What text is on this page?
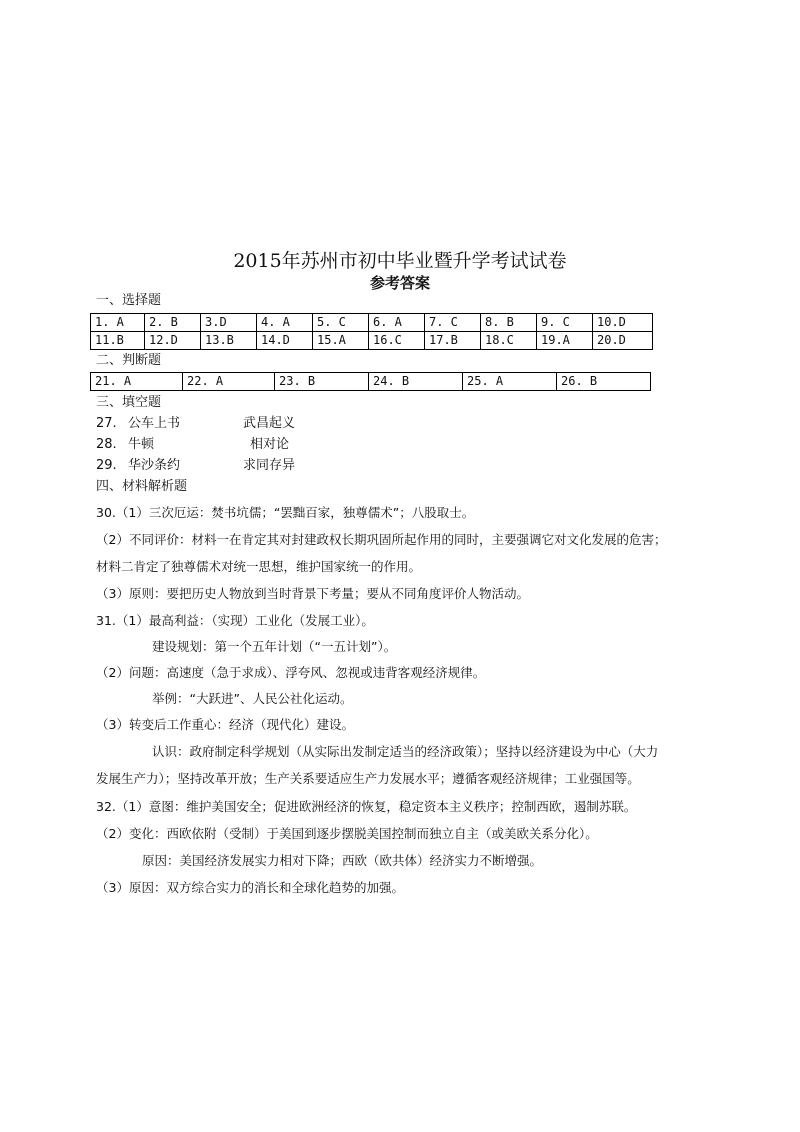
2015年苏州市初中毕业暨升学考试试卷
参考答案
一、选择题
1. A	2. B	3.D	4. A	5. C	6. A	7. C	8. B	9. C	10.D
11.B	12.D	13.B	14.D	15.A	16.C	17.B	18.C	19.A	20.D
二、判断题
21. A	22. A	23. B	24. B	25. A	26. B
三、填空题
27. 公车上书	武昌起义
28. 牛顿	相对论
29. 华沙条约	求同存异
四、材料解析题
30.（1）三次厄运：焚书坑儒；“罢黜百家，独尊儒术”；八股取士。
（2）不同评价：材料一在肯定其对封建政权长期巩固所起作用的同时，主要强调它对文化发展的危害；
材料二肯定了独尊儒术对统一思想，维护国家统一的作用。
（3）原则：要把历史人物放到当时背景下考量；要从不同角度评价人物活动。
31.（1）最高利益：（实现）工业化（发展工业）。
建设规划：第一个五年计划（“一五计划”）。
（2）问题：高速度（急于求成）、浮夸风、忽视或违背客观经济规律。
举例：“大跃进”、人民公社化运动。
（3）转变后工作重心：经济（现代化）建设。
认识：政府制定科学规划（从实际出发制定适当的经济政策）；坚持以经济建设为中心（大力
发展生产力）；坚持改革开放；生产关系要适应生产力发展水平；遵循客观经济规律；工业强国等。
32.（1）意图：维护美国安全；促进欧洲经济的恢复，稳定资本主义秩序；控制西欧，遏制苏联。
（2）变化：西欧依附（受制）于美国到逐步摆脱美国控制而独立自主（或美欧关系分化）。
原因：美国经济发展实力相对下降；西欧（欧共体）经济实力不断增强。
（3）原因：双方综合实力的消长和全球化趋势的加强。
